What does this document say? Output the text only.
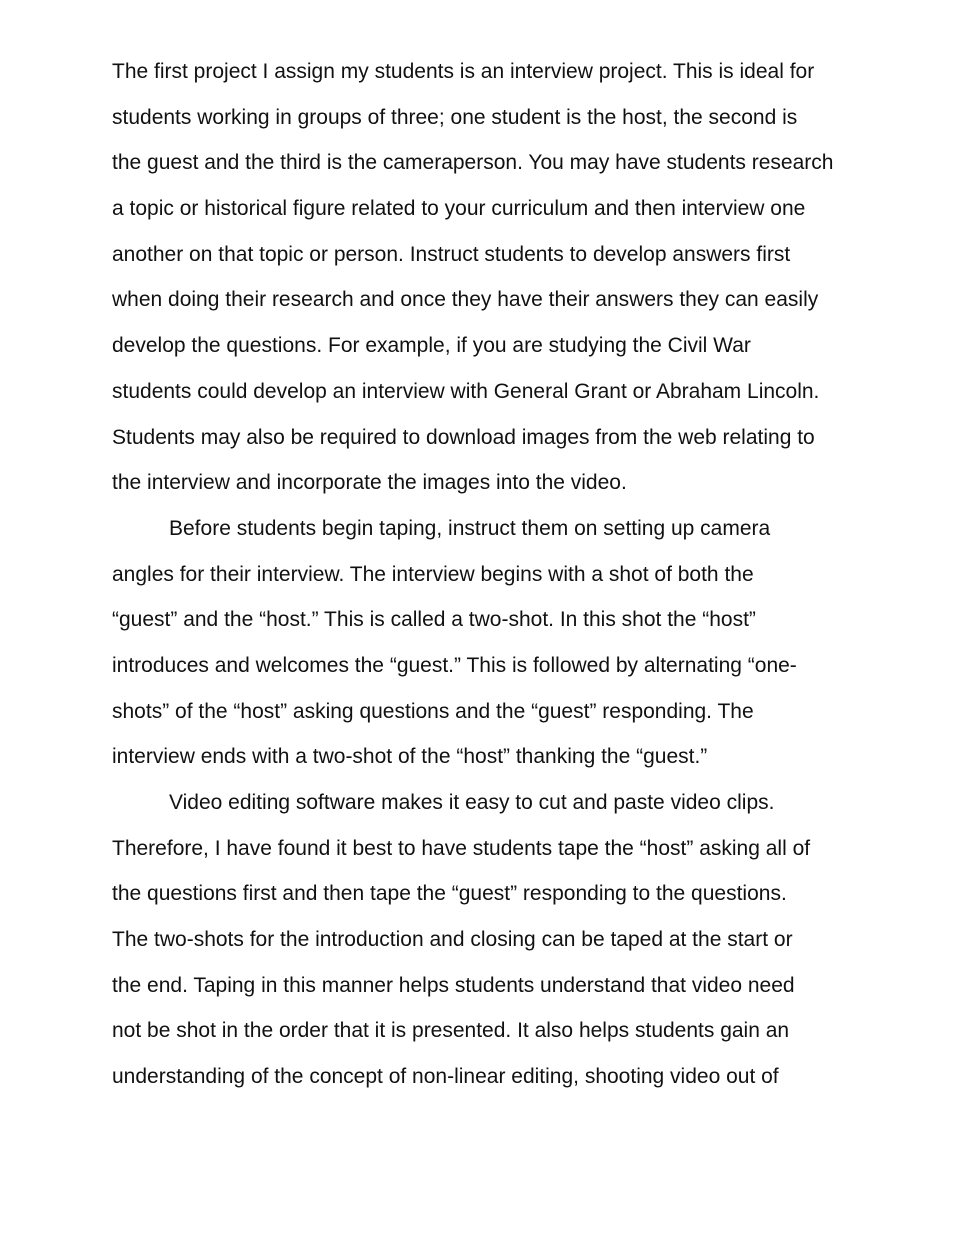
The first project I assign my students is an interview project. This is ideal for
students working in groups of three; one student is the host, the second is
the guest and the third is the cameraperson. You may have students research
a topic or historical figure related to your curriculum and then interview one
another on that topic or person. Instruct students to develop answers first
when doing their research and once they have their answers they can easily
develop the questions. For example, if you are studying the Civil War
students could develop an interview with General Grant or Abraham Lincoln.
Students may also be required to download images from the web relating to
the interview and incorporate the images into the video.
Before students begin taping, instruct them on setting up camera
angles for their interview. The interview begins with a shot of both the
“guest” and the “host.” This is called a two-shot. In this shot the “host”
introduces and welcomes the “guest.” This is followed by alternating “one-
shots” of the “host” asking questions and the “guest” responding. The
interview ends with a two-shot of the “host” thanking the “guest.”
Video editing software makes it easy to cut and paste video clips.
Therefore, I have found it best to have students tape the “host” asking all of
the questions first and then tape the “guest” responding to the questions.
The two-shots for the introduction and closing can be taped at the start or
the end. Taping in this manner helps students understand that video need
not be shot in the order that it is presented. It also helps students gain an
understanding of the concept of non-linear editing, shooting video out of
